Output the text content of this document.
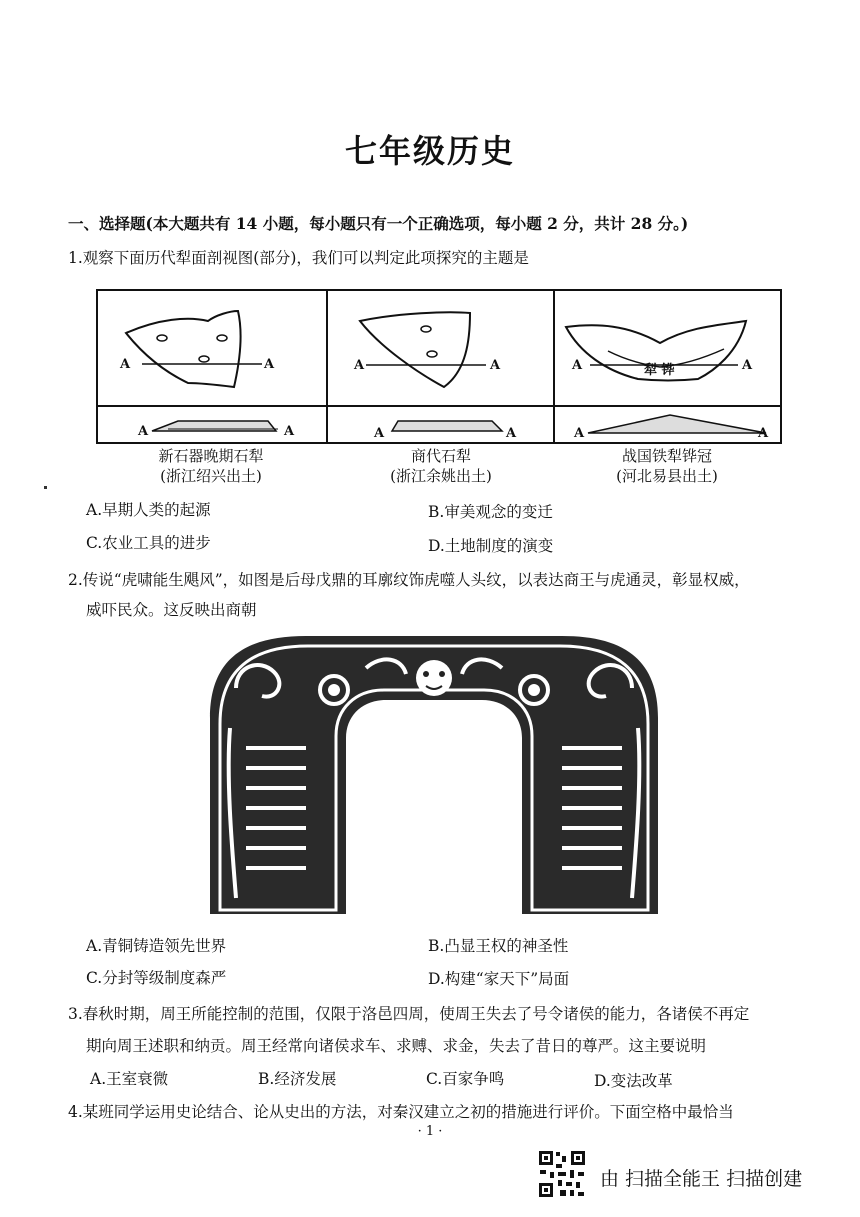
七年级历史
一、选择题(本大题共有 14 小题，每小题只有一个正确选项，每小题 2 分，共计 28 分。)
1.观察下面历代犁面剖视图(部分)，我们可以判定此项探究的主题是
A	A
A	A
A	A
A	A
A	A
A	A
犁 铧
新石器晚期石犁
(浙江绍兴出土)
商代石犁
(浙江余姚出土)
战国铁犁铧冠
(河北易县出土)
A.早期人类的起源	B.审美观念的变迁
C.农业工具的进步	D.土地制度的演变
2.传说“虎啸能生飓风”，如图是后母戊鼎的耳廓纹饰虎噬人头纹，以表达商王与虎通灵，彰显权威，
威吓民众。这反映出商朝
A.青铜铸造领先世界	B.凸显王权的神圣性
C.分封等级制度森严	D.构建“家天下”局面
3.春秋时期，周王所能控制的范围，仅限于洛邑四周，使周王失去了号令诸侯的能力，各诸侯不再定
期向周王述职和纳贡。周王经常向诸侯求车、求赙、求金，失去了昔日的尊严。这主要说明
A.王室衰微	B.经济发展	C.百家争鸣	D.变法改革
4.某班同学运用史论结合、论从史出的方法，对秦汉建立之初的措施进行评价。下面空格中最恰当
· 1 ·
由 扫描全能王 扫描创建
